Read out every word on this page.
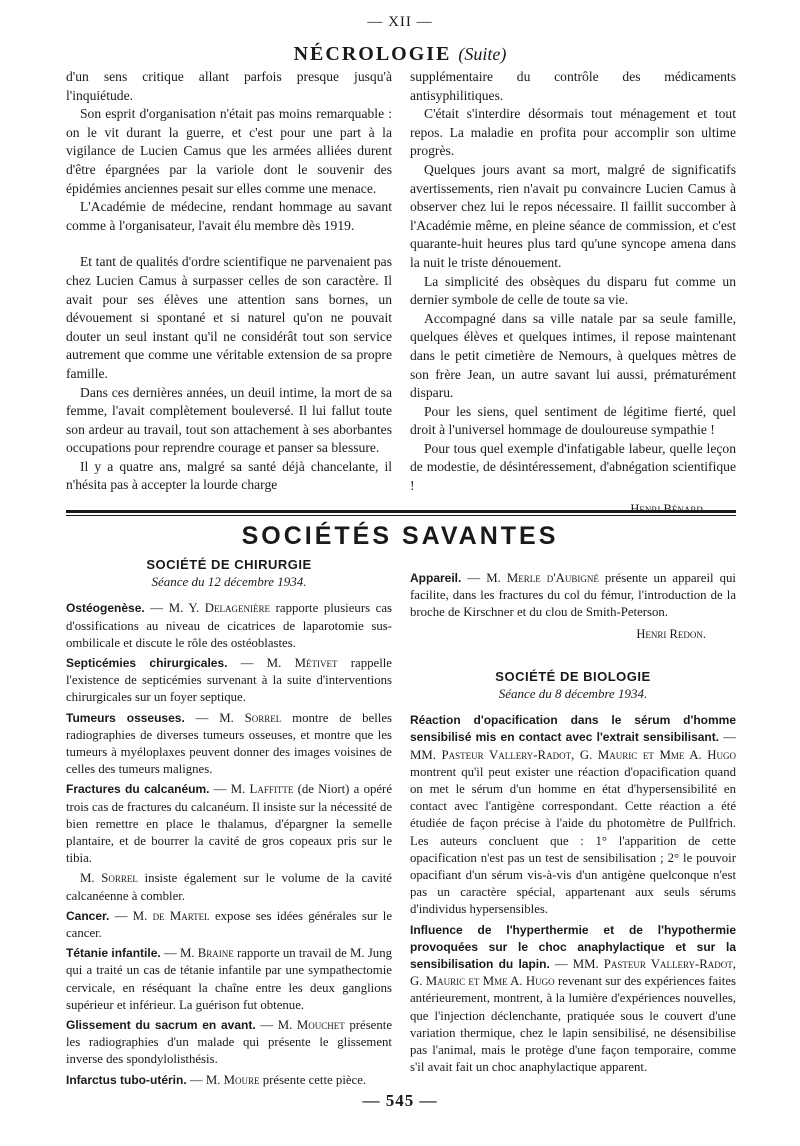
— XII —
NÉCROLOGIE (Suite)

d'un sens critique allant parfois presque jusqu'à l'inquiétude.

Son esprit d'organisation n'était pas moins remarquable : on le vit durant la guerre, et c'est pour une part à la vigilance de Lucien Camus que les armées alliées durent d'être épargnées par la variole dont le souvenir des épidémies anciennes pesait sur elles comme une menace.

L'Académie de médecine, rendant hommage au savant comme à l'organisateur, l'avait élu membre dès 1919.

Et tant de qualités d'ordre scientifique ne parvenaient pas chez Lucien Camus à surpasser celles de son caractère. Il avait pour ses élèves une attention sans bornes, un dévouement si spontané et si naturel qu'on ne pouvait douter un seul instant qu'il ne considérât tout son service autrement que comme une véritable extension de sa propre famille.

Dans ces dernières années, un deuil intime, la mort de sa femme, l'avait complètement bouleversé. Il lui fallut toute son ardeur au travail, tout son attachement à ses aborbantes occupations pour reprendre courage et panser sa blessure.

Il y a quatre ans, malgré sa santé déjà chancelante, il n'hésita pas à accepter la lourde charge

supplémentaire du contrôle des médicaments antisyphilitiques.

C'était s'interdire désormais tout ménagement et tout repos. La maladie en profita pour accomplir son ultime progrès.

Quelques jours avant sa mort, malgré de significatifs avertissements, rien n'avait pu convaincre Lucien Camus à observer chez lui le repos nécessaire. Il faillit succomber à l'Académie même, en pleine séance de commission, et c'est quarante-huit heures plus tard qu'une syncope amena dans la nuit le triste dénouement.

La simplicité des obsèques du disparu fut comme un dernier symbole de celle de toute sa vie.

Accompagné dans sa ville natale par sa seule famille, quelques élèves et quelques intimes, il repose maintenant dans le petit cimetière de Nemours, à quelques mètres de son frère Jean, un autre savant lui aussi, prématurément disparu.

Pour les siens, quel sentiment de légitime fierté, quel droit à l'universel hommage de douloureuse sympathie !

Pour tous quel exemple d'infatigable labeur, quelle leçon de modestie, de désintéressement, d'abnégation scientifique !

Henri Bénard.

SOCIÉTÉS SAVANTES
SOCIÉTÉ DE CHIRURGIE
Séance du 12 décembre 1934.

Ostéogenèse. — M. Y. Delagenière rapporte plusieurs cas d'ossifications au niveau de cicatrices de laparotomie sus-ombilicale et discute le rôle des ostéoblastes.

Septicémies chirurgicales. — M. Métivet rappelle l'existence de septicémies survenant à la suite d'interventions chirurgicales sur un foyer septique.

Tumeurs osseuses. — M. Sorrel montre de belles radiographies de diverses tumeurs osseuses, et montre que les tumeurs à myéloplaxes peuvent donner des images voisines de celles des tumeurs malignes.

Fractures du calcanéum. — M. Laffitte (de Niort) a opéré trois cas de fractures du calcanéum. Il insiste sur la nécessité de bien remettre en place le thalamus, d'épargner la semelle plantaire, et de bourrer la cavité de gros copeaux pris sur le tibia.

M. Sorrel insiste également sur le volume de la cavité calcanéenne à combler.

Cancer. — M. de Martel expose ses idées générales sur le cancer.

Tétanie infantile. — M. Braine rapporte un travail de M. Jung qui a traité un cas de tétanie infantile par une sympathectomie cervicale, en réséquant la chaîne entre les deux ganglions supérieur et inférieur. La guérison fut obtenue.

Glissement du sacrum en avant. — M. Mouchet présente les radiographies d'un malade qui présente le glissement inverse des spondylolisthésis.

Infarctus tubo-utérin. — M. Moure présente cette pièce.

Appareil. — M. Merle d'Aubigné présente un appareil qui facilite, dans les fractures du col du fémur, l'introduction de la broche de Kirschner et du clou de Smith-Peterson.

Henri Redon.

SOCIÉTÉ DE BIOLOGIE
Séance du 8 décembre 1934.

Réaction d'opacification dans le sérum d'homme sensibilisé mis en contact avec l'extrait sensibilisant. — MM. Pasteur Vallery-Radot, G. Mauric et Mme A. Hugo montrent qu'il peut exister une réaction d'opacification quand on met le sérum d'un homme en état d'hypersensibilité en contact avec l'antigène correspondant. Cette réaction a été étudiée de façon précise à l'aide du photomètre de Pullfrich. Les auteurs concluent que : 1° l'apparition de cette opacification n'est pas un test de sensibilisation ; 2° le pouvoir opacifiant d'un sérum vis-à-vis d'un antigène quelconque n'est pas un caractère spécial, appartenant aux seuls sérums d'individus hypersensibles.

Influence de l'hyperthermie et de l'hypothermie provoquées sur le choc anaphylactique et sur la sensibilisation du lapin. — MM. Pasteur Vallery-Radot, G. Mauric et Mme A. Hugo revenant sur des expériences faites antérieurement, montrent, à la lumière d'expériences nouvelles, que l'injection déclenchante, pratiquée sous le couvert d'une variation thermique, chez le lapin sensibilisé, ne désensibilise pas l'animal, mais le protège d'une façon temporaire, comme s'il avait fait un choc anaphylactique apparent.

— 545 —
